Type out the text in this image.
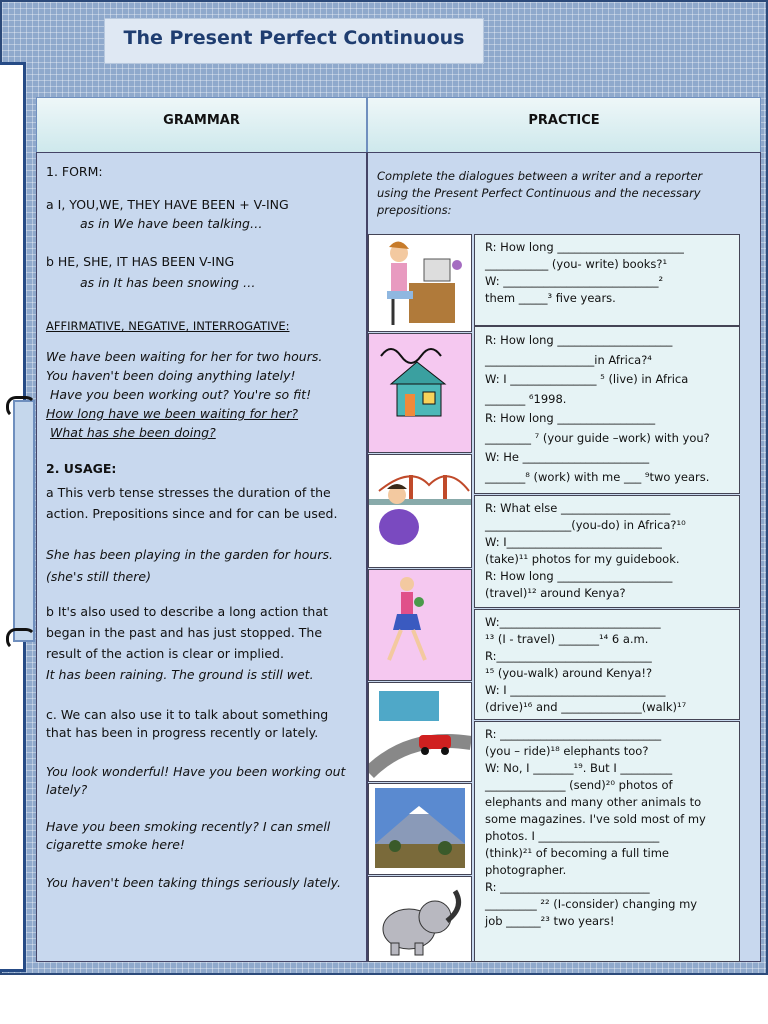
The Present Perfect Continuous
GRAMMAR	PRACTICE
1. FORM:
a I, YOU,WE, THEY HAVE BEEN + V-ING
as in We have been talking…
b HE, SHE, IT HAS BEEN V-ING
as in It has been snowing …
AFFIRMATIVE, NEGATIVE, INTERROGATIVE:
We have been waiting for her for two hours.
You haven't been doing anything lately!
Have you been working out? You're so fit!
How long have we been waiting for her?
What has she been doing?
2. USAGE:
a This verb tense stresses the duration of the action. Prepositions since and for can be used.
She has been playing in the garden for hours.
(she's still there)
b It's also used to describe a long action that began in the past and has just stopped. The result of the action is clear or implied.
It has been raining. The ground is still wet.
c. We can also use it to talk about something that has been in progress recently or lately.
You look wonderful! Have you been working out lately?
Have you been smoking recently? I can smell cigarette smoke here!
You haven't been taking things seriously lately.
Complete the dialogues between a writer and a reporter using the Present Perfect Continuous and the necessary prepositions:

R: How long ______________________

___________ (you- write) books?¹

W: ___________________________²

them _____³ five years.

R: How long ____________________

___________________in Africa?⁴

W: I _______________ ⁵ (live) in Africa

_______ ⁶1998.

R: How long _________________

________ ⁷ (your guide –work) with you?

W: He ______________________

_______⁸ (work) with me ___ ⁹two years.

R: What else ___________________

_______________(you-do) in Africa?¹⁰

W: I___________________________

(take)¹¹ photos for my guidebook.

R: How long ____________________

(travel)¹² around Kenya?

W:____________________________

¹³ (I - travel) _______¹⁴ 6 a.m.

R:___________________________

¹⁵ (you-walk) around Kenya!?

W: I ___________________________

(drive)¹⁶ and ______________(walk)¹⁷

R: ____________________________

(you – ride)¹⁸ elephants too?

W: No, I _______¹⁹. But I _________

______________ (send)²⁰ photos of

elephants and many other animals to

some magazines. I've sold most of my

photos. I _____________________

(think)²¹ of becoming a full time

photographer.

R: __________________________

_________ ²² (I-consider) changing my

job ______²³ two years!
